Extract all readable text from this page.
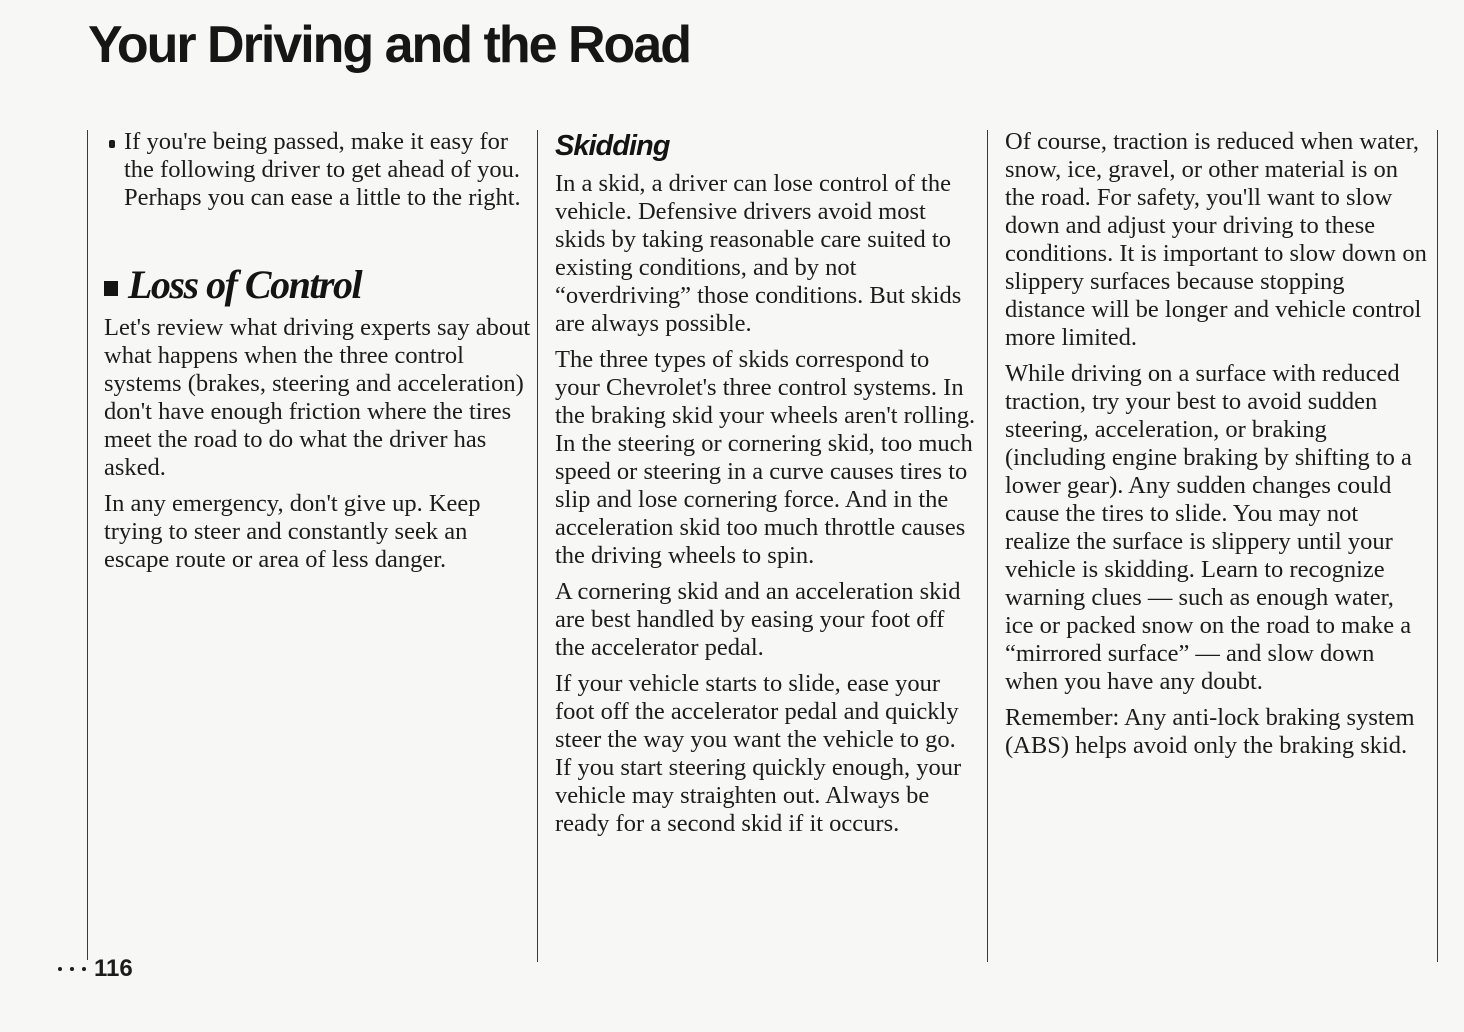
Your Driving and the Road

If you're being passed, make it easy for the following driver to get ahead of you. Perhaps you can ease a little to the right.

Loss of Control

Let's review what driving experts say about what happens when the three control systems (brakes, steering and acceleration) don't have enough friction where the tires meet the road to do what the driver has asked.

In any emergency, don't give up. Keep trying to steer and constantly seek an escape route or area of less danger.

Skidding

In a skid, a driver can lose control of the vehicle. Defensive drivers avoid most skids by taking reasonable care suited to existing conditions, and by not “overdriving” those conditions. But skids are always possible.

The three types of skids correspond to your Chevrolet's three control systems. In the braking skid your wheels aren't rolling. In the steering or cornering skid, too much speed or steering in a curve causes tires to slip and lose cornering force. And in the acceleration skid too much throttle causes the driving wheels to spin.

A cornering skid and an acceleration skid are best handled by easing your foot off the accelerator pedal.

If your vehicle starts to slide, ease your foot off the accelerator pedal and quickly steer the way you want the vehicle to go. If you start steering quickly enough, your vehicle may straighten out. Always be ready for a second skid if it occurs.

Of course, traction is reduced when water, snow, ice, gravel, or other material is on the road. For safety, you'll want to slow down and adjust your driving to these conditions. It is important to slow down on slippery surfaces because stopping distance will be longer and vehicle control more limited.

While driving on a surface with reduced traction, try your best to avoid sudden steering, acceleration, or braking (including engine braking by shifting to a lower gear). Any sudden changes could cause the tires to slide. You may not realize the surface is slippery until your vehicle is skidding. Learn to recognize warning clues — such as enough water, ice or packed snow on the road to make a “mirrored surface” — and slow down when you have any doubt.

Remember: Any anti-lock braking system (ABS) helps avoid only the braking skid.

116
